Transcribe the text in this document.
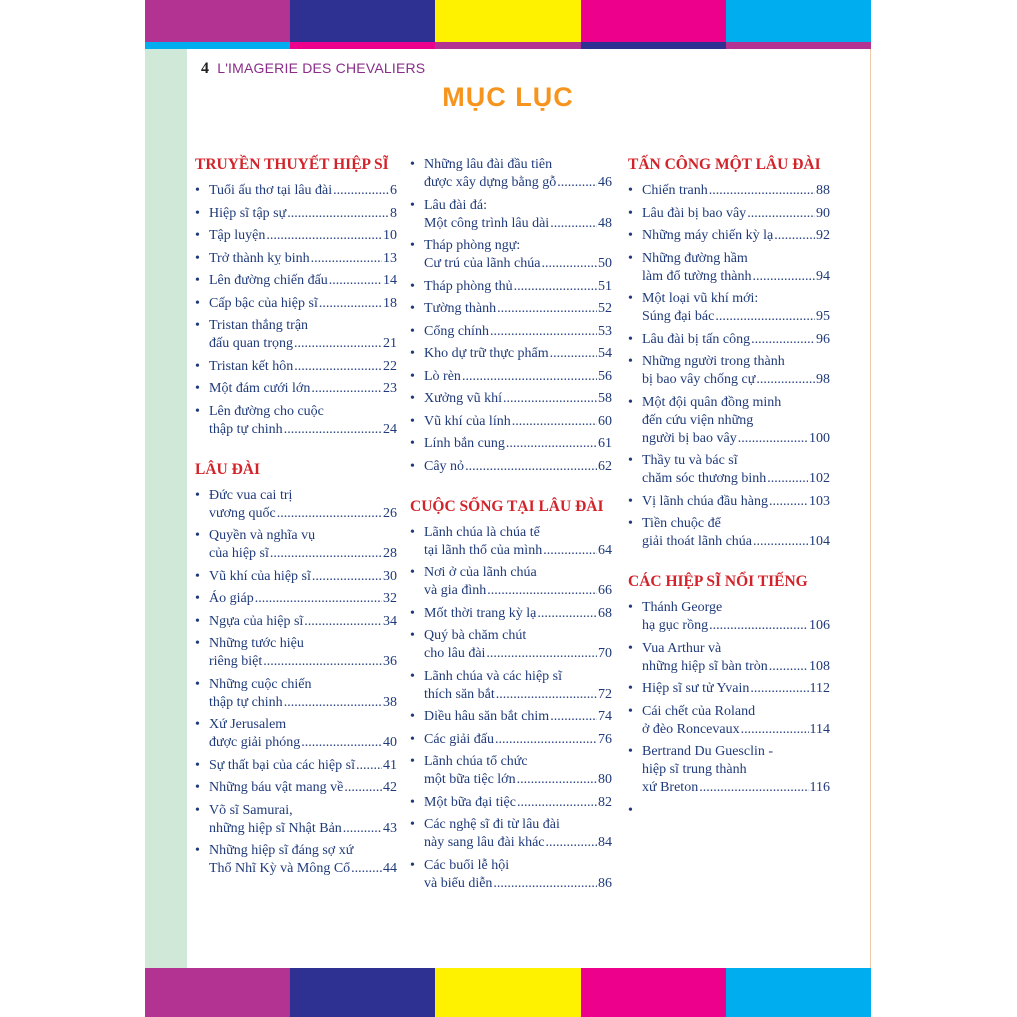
4 L'IMAGERIE DES CHEVALIERS
MỤC LỤC
TRUYỀN THUYẾT HIỆP SĨ
• Tuổi ấu thơ tại lâu đài .....	6
• Hiệp sĩ tập sự .....	8
• Tập luyện .....	10
• Trở thành kỵ binh .....	13
• Lên đường chiến đấu .....	14
• Cấp bậc của hiệp sĩ .....	18
• Tristan thắng trận
đấu quan trọng .....	21
• Tristan kết hôn .....	22
• Một đám cưới lớn .....	23
• Lên đường cho cuộc
thập tự chinh .....	24
LÂU ĐÀI
• Đức vua cai trị
vương quốc .....	26
• Quyền và nghĩa vụ
của hiệp sĩ .....	28
• Vũ khí của hiệp sĩ .....	30
• Áo giáp .....	32
• Ngựa của hiệp sĩ .....	34
• Những tước hiệu
riêng biệt .....	36
• Những cuộc chiến
thập tự chinh .....	38
• Xứ Jerusalem
được giải phóng .....	40
• Sự thất bại của các hiệp sĩ ..... 41
• Những báu vật mang về .....	42
• Võ sĩ Samurai,
những hiệp sĩ Nhật Bản .....	43
• Những hiệp sĩ đáng sợ xứ
Thổ Nhĩ Kỳ và Mông Cổ ..... 44
• Những lâu đài đầu tiên
được xây dựng bằng gỗ .....	46
• Lâu đài đá:
Một công trình lâu dài .....	48
• Tháp phòng ngự:
Cư trú của lãnh chúa .....	50
• Tháp phòng thủ .....	51
• Tường thành .....	52
• Cổng chính .....	53
• Kho dự trữ thực phẩm .....	54
• Lò rèn .....	56
• Xưởng vũ khí .....	58
• Vũ khí của lính .....	60
• Lính bắn cung .....	61
• Cây nỏ .....	62
CUỘC SỐNG TẠI LÂU ĐÀI
• Lãnh chúa là chúa tể
tại lãnh thổ của mình .....	64
• Nơi ở của lãnh chúa
và gia đình .....	66
• Mốt thời trang kỳ lạ .....	68
• Quý bà chăm chút
cho lâu đài .....	70
• Lãnh chúa và các hiệp sĩ
thích săn bắt .....	72
• Diều hâu săn bắt chim .....	74
• Các giải đấu .....	76
• Lãnh chúa tổ chức
một bữa tiệc lớn .....	80
• Một bữa đại tiệc .....	82
• Các nghệ sĩ đi từ lâu đài
này sang lâu đài khác .....	84
• Các buổi lễ hội
và biểu diễn .....	86
TẤN CÔNG MỘT LÂU ĐÀI
• Chiến tranh .....	88
• Lâu đài bị bao vây .....	90
• Những máy chiến kỳ lạ .....	92
• Những đường hầm
làm đổ tường thành .....	94
• Một loại vũ khí mới:
Súng đại bác .....	95
• Lâu đài bị tấn công .....	96
• Những người trong thành
bị bao vây chống cự .....	98
• Một đội quân đồng minh
đến cứu viện những
người bị bao vây .....	100
• Thầy tu và bác sĩ
chăm sóc thương binh .....	102
• Vị lãnh chúa đầu hàng .....	103
• Tiền chuộc để
giải thoát lãnh chúa .....	104
CÁC HIỆP SĨ NỔI TIẾNG
• Thánh George
hạ gục rồng .....	106
• Vua Arthur và
những hiệp sĩ bàn tròn .....	108
• Hiệp sĩ sư tử Yvain .....	112
• Cái chết của Roland
ở đèo Roncevaux .....	114
• Bertrand Du Guesclin -
hiệp sĩ trung thành
xứ Breton .....	116
•
